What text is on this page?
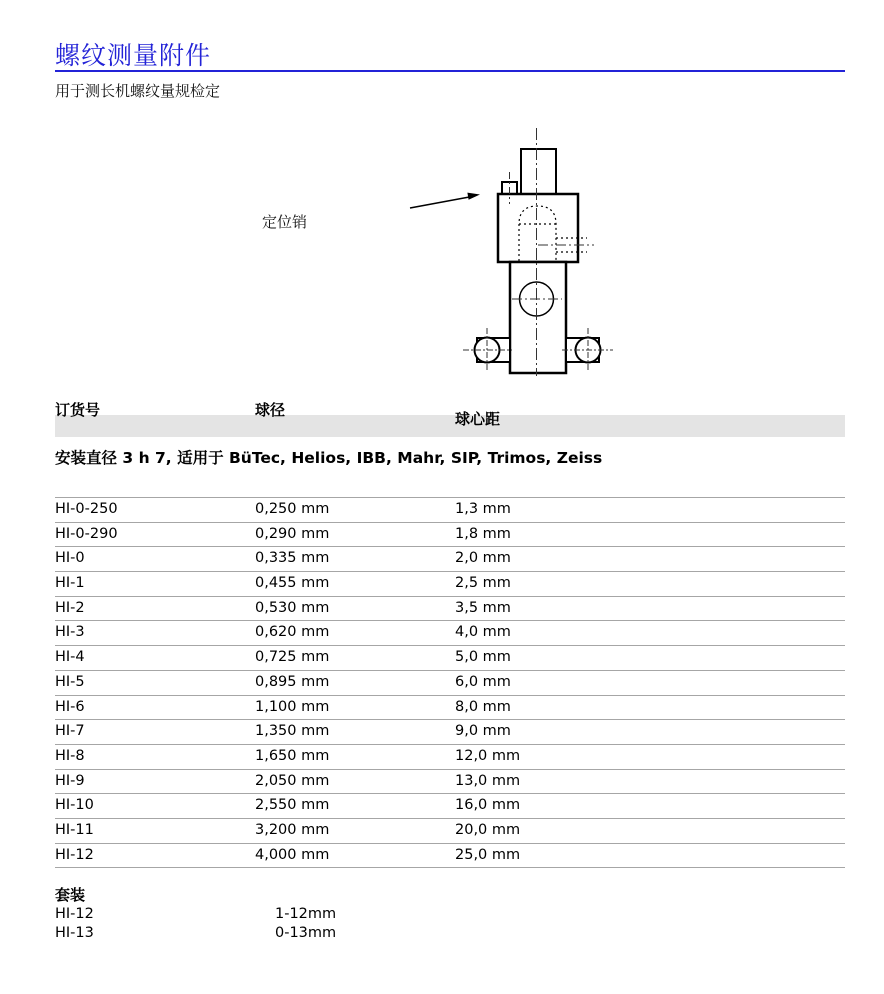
螺纹测量附件
用于测长机螺纹量规检定
定位销
订货号	球径	球心距
安装直径 3 h 7, 适用于 BüTec, Helios, IBB, Mahr, SIP, Trimos, Zeiss
HI-0-250	0,250 mm	1,3 mm
HI-0-290	0,290 mm	1,8 mm
HI-0	0,335 mm	2,0 mm
HI-1	0,455 mm	2,5 mm
HI-2	0,530 mm	3,5 mm
HI-3	0,620 mm	4,0 mm
HI-4	0,725 mm	5,0 mm
HI-5	0,895 mm	6,0 mm
HI-6	1,100 mm	8,0 mm
HI-7	1,350 mm	9,0 mm
HI-8	1,650 mm	12,0 mm
HI-9	2,050 mm	13,0 mm
HI-10	2,550 mm	16,0 mm
HI-11	3,200 mm	20,0 mm
HI-12	4,000 mm	25,0 mm
套装
HI-12	1-12mm
HI-13	0-13mm
